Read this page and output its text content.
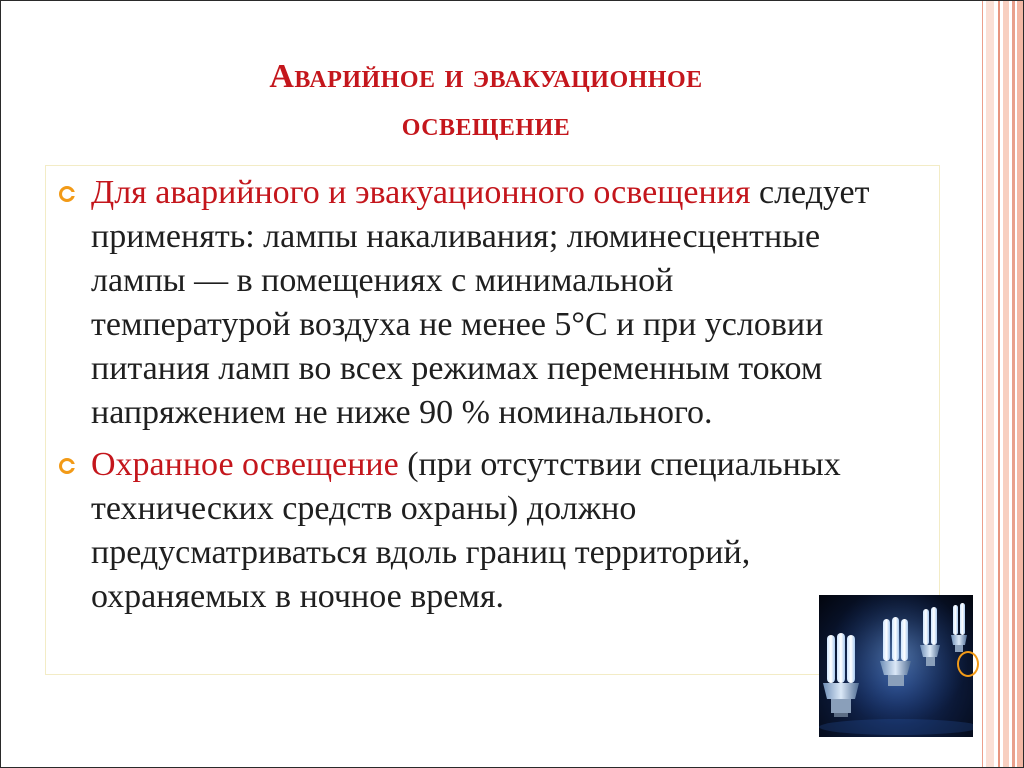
Аварийное и эвакуационное
освещение
Для аварийного и эвакуационного освещения следует применять: лампы накаливания; люминесцентные лампы — в помещениях с минимальной температурой воздуха не менее 5°С и при условии питания ламп во всех режимах переменным током напряжением не ниже 90 % номинального.
Охранное освещение (при отсутствии специальных технических средств охраны) должно предусматриваться вдоль границ территорий, охраняемых в ночное время.
